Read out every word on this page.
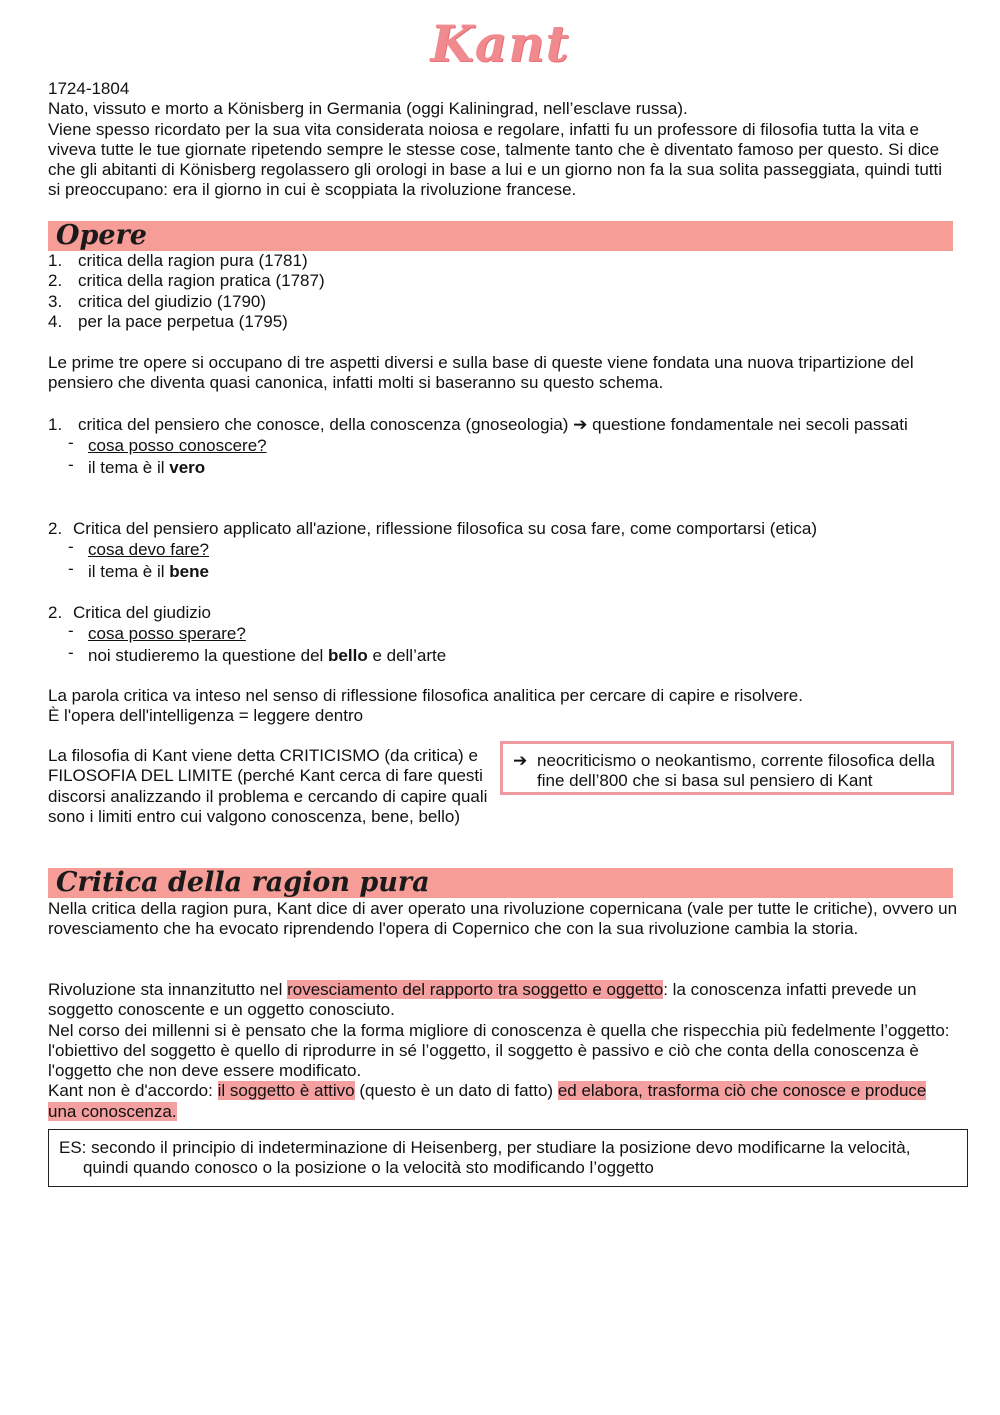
Kant

1724-1804

Nato, vissuto e morto a Könisberg in Germania (oggi Kaliningrad, nell’esclave russa).

Viene spesso ricordato per la sua vita considerata noiosa e regolare, infatti fu un professore di filosofia tutta la vita e viveva tutte le tue giornate ripetendo sempre le stesse cose, talmente tanto che è diventato famoso per questo. Si dice che gli abitanti di Könisberg regolassero gli orologi in base a lui e un giorno non fa la sua solita passeggiata, quindi tutti si preoccupano: era il giorno in cui è scoppiata la rivoluzione francese.

Opere
1. critica della ragion pura (1781)
2. critica della ragion pratica (1787)
3. critica del giudizio (1790)
4. per la pace perpetua (1795)
Le prime tre opere si occupano di tre aspetti diversi e sulla base di queste viene fondata una nuova tripartizione del pensiero che diventa quasi canonica, infatti molti si baseranno su questo schema.
1. critica del pensiero che conosce, della conoscenza (gnoseologia) ➔ questione fondamentale nei secoli passati
- cosa posso conoscere?
- il tema è il vero
2. Critica del pensiero applicato all'azione, riflessione filosofica su cosa fare, come comportarsi (etica)
- cosa devo fare?
- il tema è il bene
2. Critica del giudizio
- cosa posso sperare?
- noi studieremo la questione del bello e dell’arte

La parola critica va inteso nel senso di riflessione filosofica analitica per cercare di capire e risolvere.

È l'opera dell'intelligenza = leggere dentro

La filosofia di Kant viene detta CRITICISMO (da critica) e FILOSOFIA DEL LIMITE (perché Kant cerca di fare questi discorsi analizzando il problema e cercando di capire quali sono i limiti entro cui valgono conoscenza, bene, bello)
➔ neocriticismo o neokantismo, corrente filosofica della fine dell’800 che si basa sul pensiero di Kant
Critica della ragion pura
Nella critica della ragion pura, Kant dice di aver operato una rivoluzione copernicana (vale per tutte le critiche), ovvero un rovesciamento che ha evocato riprendendo l'opera di Copernico che con la sua rivoluzione cambia la storia.

Rivoluzione sta innanzitutto nel rovesciamento del rapporto tra soggetto e oggetto: la conoscenza infatti prevede un soggetto conoscente e un oggetto conosciuto.

Nel corso dei millenni si è pensato che la forma migliore di conoscenza è quella che rispecchia più fedelmente l’oggetto: l'obiettivo del soggetto è quello di riprodurre in sé l’oggetto, il soggetto è passivo e ciò che conta della conoscenza è l'oggetto che non deve essere modificato.

Kant non è d'accordo: il soggetto è attivo (questo è un dato di fatto) ed elabora, trasforma ciò che conosce e produce una conoscenza.

ES: secondo il principio di indeterminazione di Heisenberg, per studiare la posizione devo modificarne la velocità, quindi quando conosco o la posizione o la velocità sto modificando l’oggetto
